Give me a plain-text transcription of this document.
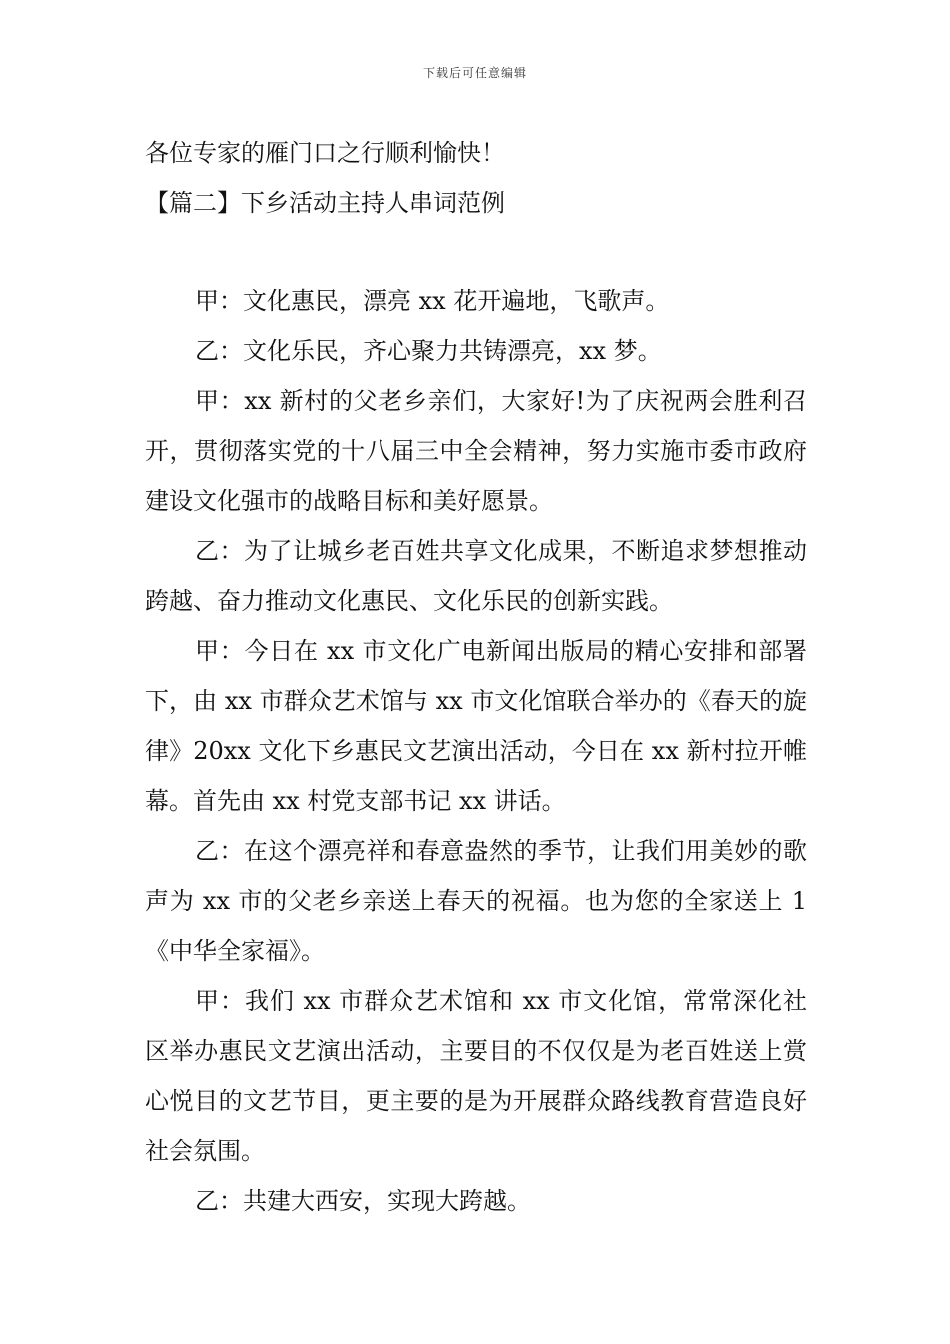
下载后可任意编辑

各位专家的雁门口之行顺利愉快！

【篇二】下乡活动主持人串词范例

甲：文化惠民，漂亮 xx 花开遍地，飞歌声。

乙：文化乐民，齐心聚力共铸漂亮，xx 梦。

甲：xx 新村的父老乡亲们，大家好!为了庆祝两会胜利召开，贯彻落实党的十八届三中全会精神，努力实施市委市政府建设文化强市的战略目标和美好愿景。

乙：为了让城乡老百姓共享文化成果，不断追求梦想推动跨越、奋力推动文化惠民、文化乐民的创新实践。

甲：今日在 xx 市文化广电新闻出版局的精心安排和部署下，由 xx 市群众艺术馆与 xx 市文化馆联合举办的《春天的旋律》20xx 文化下乡惠民文艺演出活动，今日在 xx 新村拉开帷幕。首先由 xx 村党支部书记 xx 讲话。

乙：在这个漂亮祥和春意盎然的季节，让我们用美妙的歌声为 xx 市的父老乡亲送上春天的祝福。也为您的全家送上 1《中华全家福》。

甲：我们 xx 市群众艺术馆和 xx 市文化馆，常常深化社区举办惠民文艺演出活动，主要目的不仅仅是为老百姓送上赏心悦目的文艺节目，更主要的是为开展群众路线教育营造良好社会氛围。

乙：共建大西安，实现大跨越。
